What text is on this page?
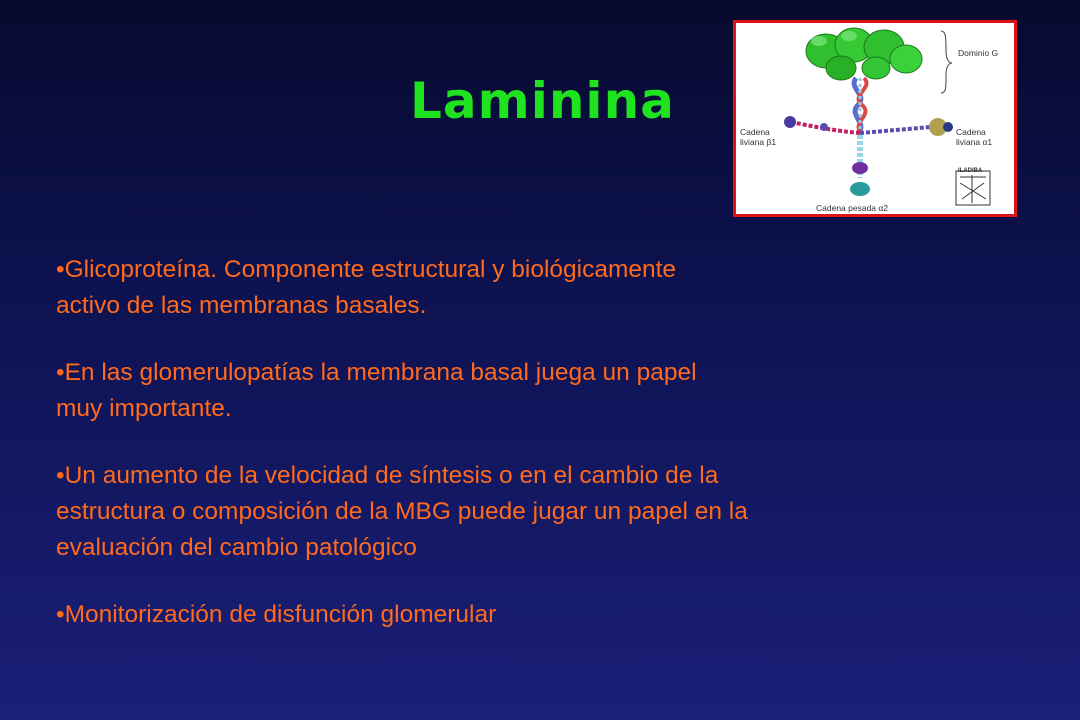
Laminina
Dominio G
Cadena
liviana β1
Cadena
liviana α1
Cadena pesada α2
ILADIBA
•Glicoproteína. Componente estructural y biológicamente
activo de las membranas basales.
•En las glomerulopatías la membrana basal juega un papel
muy importante.
•Un aumento de la velocidad de síntesis o en el cambio de la
estructura o composición de la MBG puede jugar un papel en la
evaluación del cambio patológico
•Monitorización de disfunción glomerular
